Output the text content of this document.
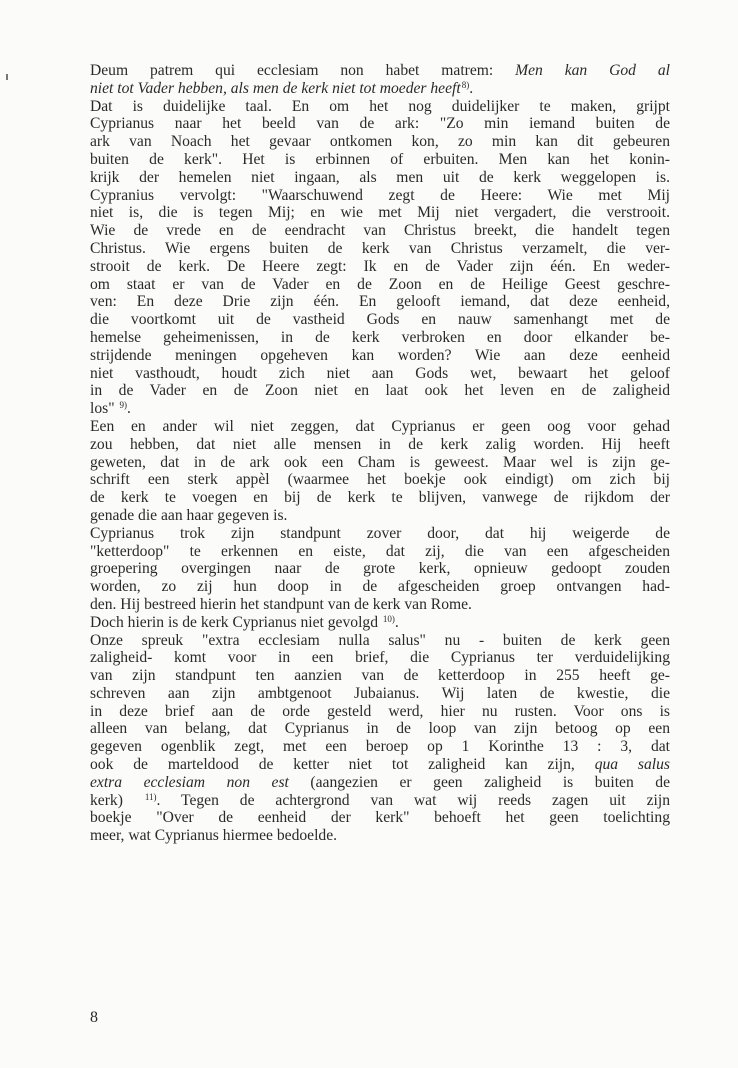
Deum patrem qui ecclesiam non habet matrem: Men kan God al
niet tot Vader hebben, als men de kerk niet tot moeder heeft$^{8)}$.
Dat is duidelijke taal. En om het nog duidelijker te maken, grijpt
Cyprianus naar het beeld van de ark: "Zo min iemand buiten de
ark van Noach het gevaar ontkomen kon, zo min kan dit gebeuren
buiten de kerk". Het is erbinnen of erbuiten. Men kan het konin-
krijk der hemelen niet ingaan, als men uit de kerk weggelopen is.
Cypranius vervolgt: "Waarschuwend zegt de Heere: Wie met Mij
niet is, die is tegen Mij; en wie met Mij niet vergadert, die verstrooit.
Wie de vrede en de eendracht van Christus breekt, die handelt tegen
Christus. Wie ergens buiten de kerk van Christus verzamelt, die ver-
strooit de kerk. De Heere zegt: Ik en de Vader zijn één. En weder-
om staat er van de Vader en de Zoon en de Heilige Geest geschre-
ven: En deze Drie zijn één. En gelooft iemand, dat deze eenheid,
die voortkomt uit de vastheid Gods en nauw samenhangt met de
hemelse geheimenissen, in de kerk verbroken en door elkander be-
strijdende meningen opgeheven kan worden? Wie aan deze eenheid
niet vasthoudt, houdt zich niet aan Gods wet, bewaart het geloof
in de Vader en de Zoon niet en laat ook het leven en de zaligheid
los" $^{9)}$.
Een en ander wil niet zeggen, dat Cyprianus er geen oog voor gehad
zou hebben, dat niet alle mensen in de kerk zalig worden. Hij heeft
geweten, dat in de ark ook een Cham is geweest. Maar wel is zijn ge-
schrift een sterk appèl (waarmee het boekje ook eindigt) om zich bij
de kerk te voegen en bij de kerk te blijven, vanwege de rijkdom der
genade die aan haar gegeven is.
Cyprianus trok zijn standpunt zover door, dat hij weigerde de
"ketterdoop" te erkennen en eiste, dat zij, die van een afgescheiden
groepering overgingen naar de grote kerk, opnieuw gedoopt zouden
worden, zo zij hun doop in de afgescheiden groep ontvangen had-
den. Hij bestreed hierin het standpunt van de kerk van Rome.
Doch hierin is de kerk Cyprianus niet gevolgd $^{10)}$.
Onze spreuk "extra ecclesiam nulla salus" nu - buiten de kerk geen
zaligheid- komt voor in een brief, die Cyprianus ter verduidelijking
van zijn standpunt ten aanzien van de ketterdoop in 255 heeft ge-
schreven aan zijn ambtgenoot Jubaianus. Wij laten de kwestie, die
in deze brief aan de orde gesteld werd, hier nu rusten. Voor ons is
alleen van belang, dat Cyprianus in de loop van zijn betoog op een
gegeven ogenblik zegt, met een beroep op 1 Korinthe 13 : 3, dat
ook de marteldood de ketter niet tot zaligheid kan zijn, qua salus
extra ecclesiam non est (aangezien er geen zaligheid is buiten de
kerk) $^{11)}$. Tegen de achtergrond van wat wij reeds zagen uit zijn
boekje "Over de eenheid der kerk" behoeft het geen toelichting
meer, wat Cyprianus hiermee bedoelde.
8
